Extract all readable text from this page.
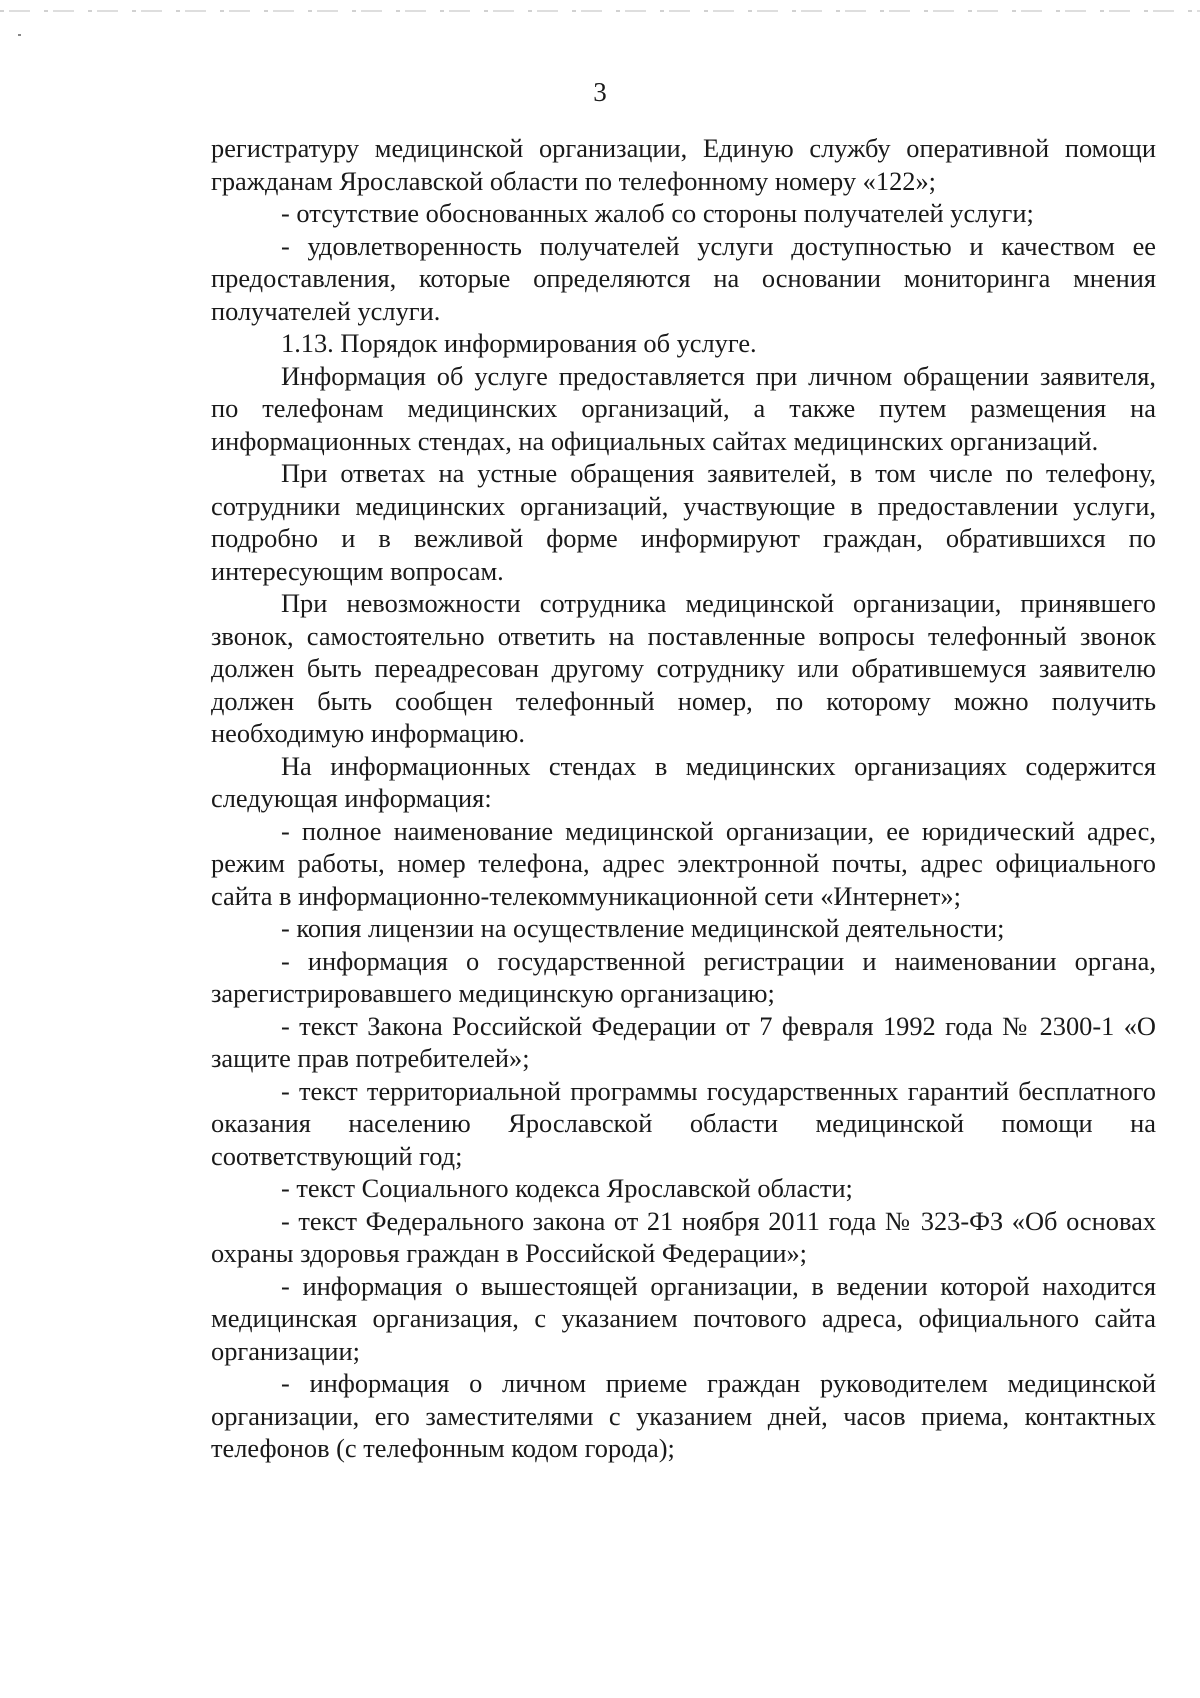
3

регистратуру медицинской организации, Единую службу оперативной помощи гражданам Ярославской области по телефонному номеру «122»;

- отсутствие обоснованных жалоб со стороны получателей услуги;

- удовлетворенность получателей услуги доступностью и качеством ее предоставления, которые определяются на основании мониторинга мнения получателей услуги.

1.13. Порядок информирования об услуге.

Информация об услуге предоставляется при личном обращении заявителя, по телефонам медицинских организаций, а также путем размещения на информационных стендах, на официальных сайтах медицинских организаций.

При ответах на устные обращения заявителей, в том числе по телефону, сотрудники медицинских организаций, участвующие в предоставлении услуги, подробно и в вежливой форме информируют граждан, обратившихся по интересующим вопросам.

При невозможности сотрудника медицинской организации, принявшего звонок, самостоятельно ответить на поставленные вопросы телефонный звонок должен быть переадресован другому сотруднику или обратившемуся заявителю должен быть сообщен телефонный номер, по которому можно получить необходимую информацию.

На информационных стендах в медицинских организациях содержится следующая информация:

- полное наименование медицинской организации, ее юридический адрес, режим работы, номер телефона, адрес электронной почты, адрес официального сайта в информационно-телекоммуникационной сети «Интернет»;

- копия лицензии на осуществление медицинской деятельности;

- информация о государственной регистрации и наименовании органа, зарегистрировавшего медицинскую организацию;

- текст Закона Российской Федерации от 7 февраля 1992 года № 2300-1 «О защите прав потребителей»;

- текст территориальной программы государственных гарантий бесплатного оказания населению Ярославской области медицинской помощи на соответствующий год;

- текст Социального кодекса Ярославской области;

- текст Федерального закона от 21 ноября 2011 года № 323-ФЗ «Об основах охраны здоровья граждан в Российской Федерации»;

- информация о вышестоящей организации, в ведении которой находится медицинская организация, с указанием почтового адреса, официального сайта организации;

- информация о личном приеме граждан руководителем медицинской организации, его заместителями с указанием дней, часов приема, контактных телефонов (с телефонным кодом города);
